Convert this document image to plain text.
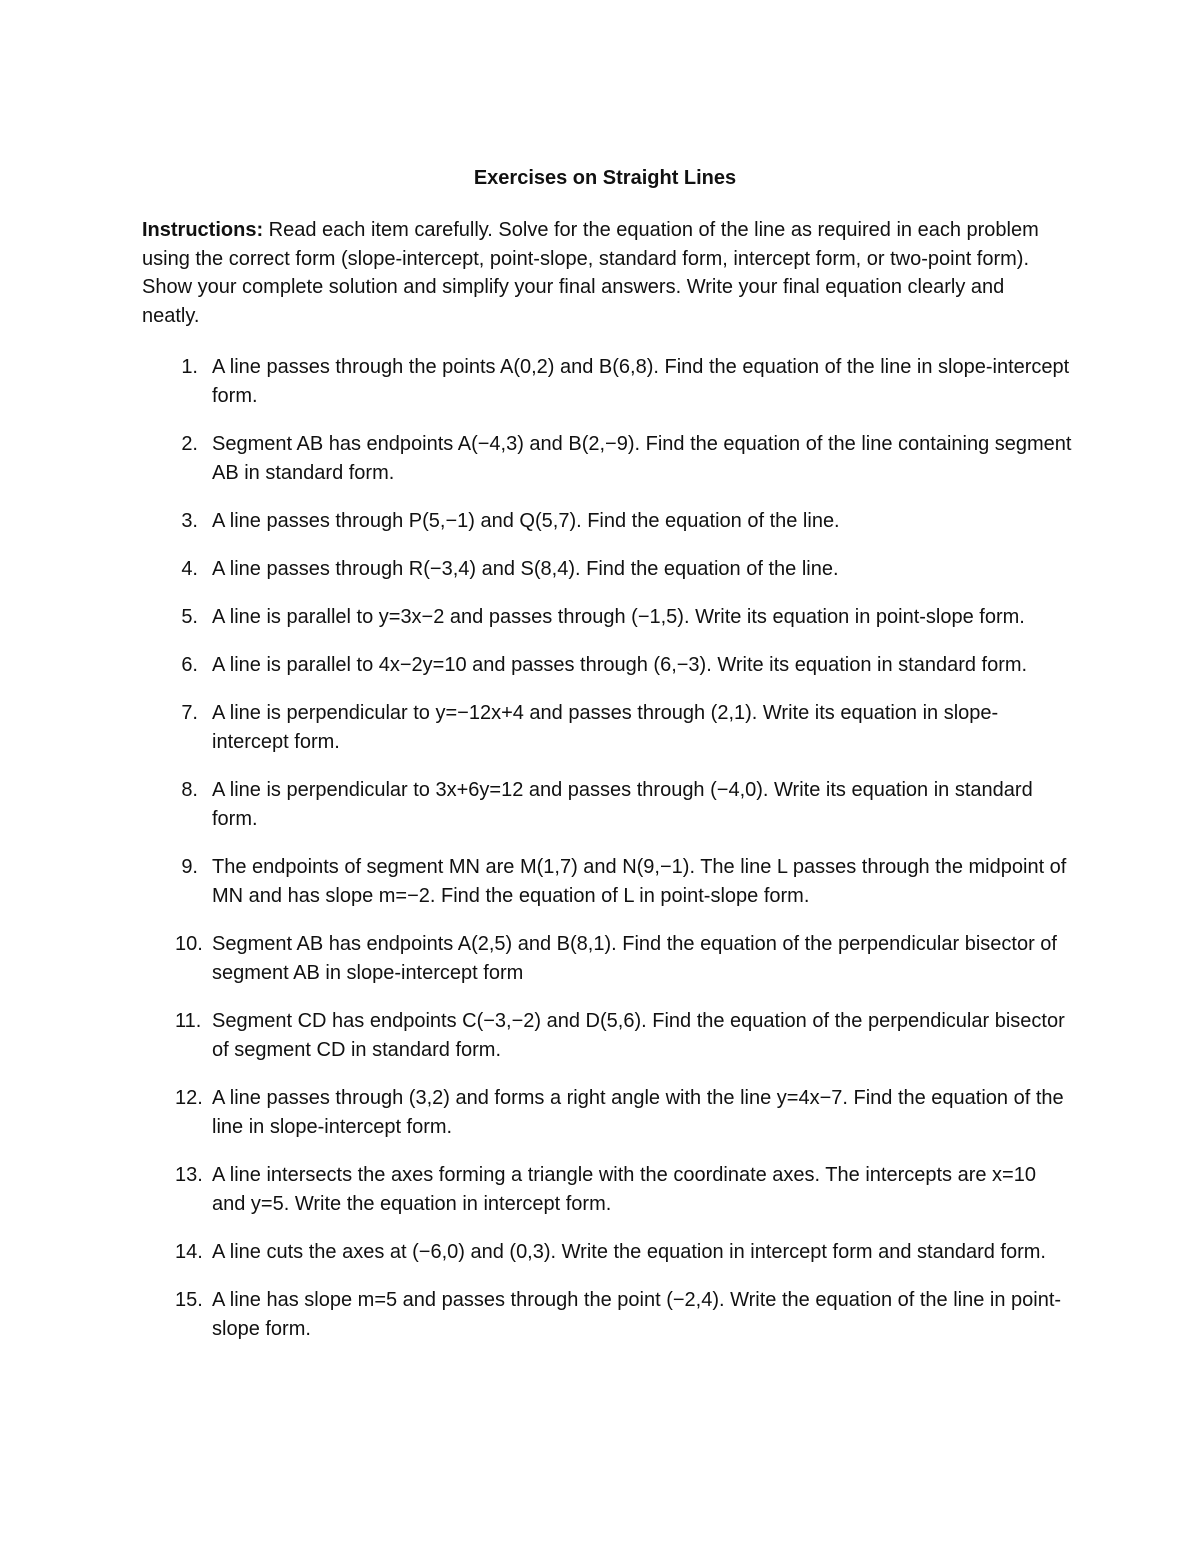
Exercises on Straight Lines

Instructions: Read each item carefully. Solve for the equation of the line as required in each problem using the correct form (slope-intercept, point-slope, standard form, intercept form, or two-point form). Show your complete solution and simplify your final answers. Write your final equation clearly and neatly.

1. A line passes through the points A(0,2) and B(6,8). Find the equation of the line in slope-intercept form.
2. Segment AB has endpoints A(−4,3) and B(2,−9). Find the equation of the line containing segment AB in standard form.
3. A line passes through P(5,−1) and Q(5,7). Find the equation of the line.
4. A line passes through R(−3,4) and S(8,4). Find the equation of the line.
5. A line is parallel to y=3x−2 and passes through (−1,5). Write its equation in point-slope form.
6. A line is parallel to 4x−2y=10 and passes through (6,−3). Write its equation in standard form.
7. A line is perpendicular to y=−12x+4 and passes through (2,1). Write its equation in slope-intercept form.
8. A line is perpendicular to 3x+6y=12 and passes through (−4,0). Write its equation in standard form.
9. The endpoints of segment MN are M(1,7) and N(9,−1). The line L passes through the midpoint of MN and has slope m=−2. Find the equation of L in point-slope form.
10. Segment AB has endpoints A(2,5) and B(8,1). Find the equation of the perpendicular bisector of segment AB in slope-intercept form
11. Segment CD has endpoints C(−3,−2) and D(5,6). Find the equation of the perpendicular bisector of segment CD in standard form.
12. A line passes through (3,2) and forms a right angle with the line y=4x−7. Find the equation of the line in slope-intercept form.
13. A line intersects the axes forming a triangle with the coordinate axes. The intercepts are x=10 and y=5. Write the equation in intercept form.
14. A line cuts the axes at (−6,0) and (0,3). Write the equation in intercept form and standard form.
15. A line has slope m=5 and passes through the point (−2,4). Write the equation of the line in point-slope form.
